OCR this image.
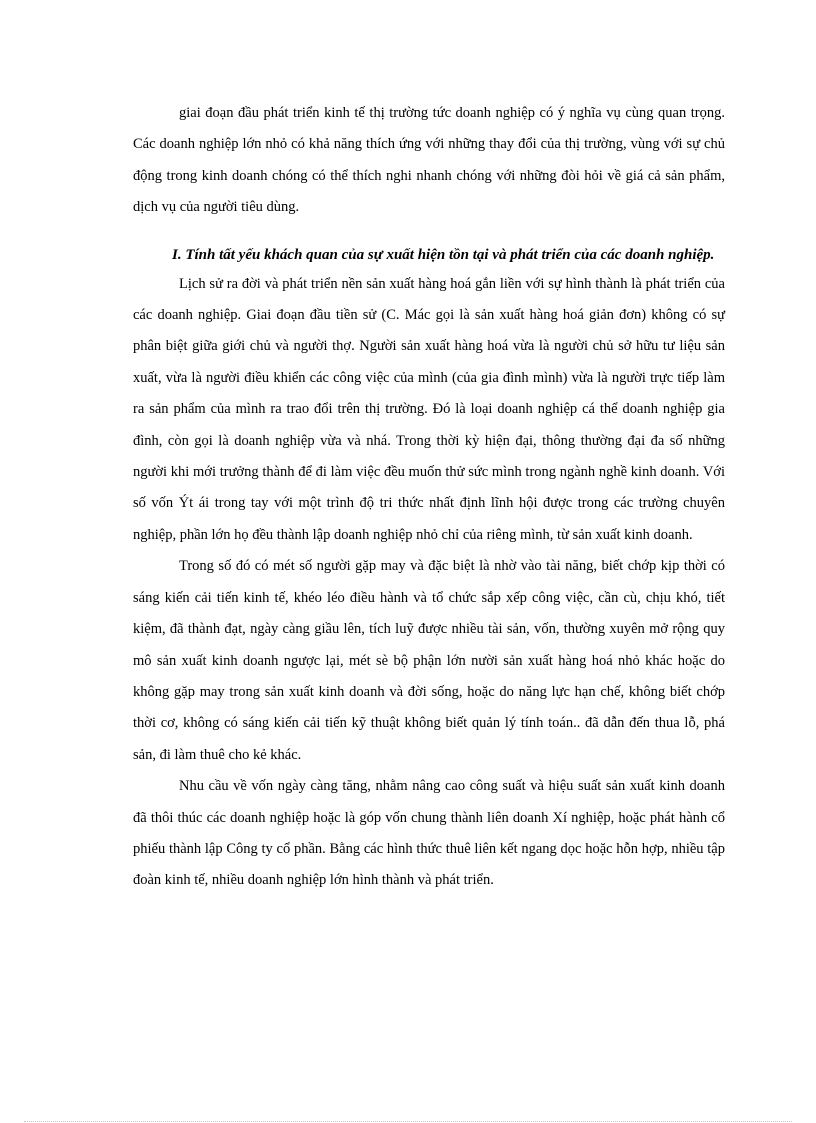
giai đoạn đầu phát triển kinh tế thị trường tức doanh nghiệp có ý nghĩa vụ cùng quan trọng. Các doanh nghiệp lớn nhỏ có khả năng thích ứng với những thay đổi của thị trường, vùng với sự chủ động trong kinh doanh chóng có thể thích nghi nhanh chóng với những đòi hỏi về giá cả sản phẩm, dịch vụ của người tiêu dùng.

I. Tính tất yếu khách quan của sự xuất hiện tồn tại và phát triển của các doanh nghiệp.

Lịch sử ra đời và phát triển nền sản xuất hàng hoá gắn liền với sự hình thành là phát triển của các doanh nghiệp. Giai đoạn đầu tiền sử (C. Mác gọi là sản xuất hàng hoá giản đơn) không có sự phân biệt giữa giới chủ và người thợ. Người sản xuất hàng hoá vừa là người chủ sở hữu tư liệu sản xuất, vừa là người điều khiển các công việc của mình (của gia đình mình) vừa là người trực tiếp làm ra sản phẩm của mình ra trao đổi trên thị trường. Đó là loại doanh nghiệp cá thể doanh nghiệp gia đình, còn gọi là doanh nghiệp vừa và nhá. Trong thời kỳ hiện đại, thông thường đại đa số những người khi mới trưởng thành để đi làm việc đều muốn thử sức mình trong ngành nghề kinh doanh. Với số vốn Ýt ái trong tay với một trình độ tri thức nhất định lĩnh hội được trong các trường chuyên nghiệp, phần lớn họ đều thành lập doanh nghiệp nhỏ chỉ của riêng mình, từ sản xuất kinh doanh.

Trong số đó có mét số người gặp may và đặc biệt là nhờ vào tài năng, biết chớp kịp thời có sáng kiến cải tiến kinh tế, khéo léo điều hành và tổ chức sắp xếp công việc, cần cù, chịu khó, tiết kiệm, đã thành đạt, ngày càng giầu lên, tích luỹ được nhiều tài sản, vốn, thường xuyên mở rộng quy mô sản xuất kinh doanh ngược lại, mét sè bộ phận lớn nười sản xuất hàng hoá nhỏ khác hoặc do không gặp may trong sản xuất kinh doanh và đời sống, hoặc do năng lực hạn chế, không biết chớp thời cơ, không có sáng kiến cải tiến kỹ thuật không biết quản lý tính toán.. đã dẫn đến thua lỗ, phá sản, đi làm thuê cho kẻ khác.

Nhu cầu về vốn ngày càng tăng, nhằm nâng cao công suất và hiệu suất sản xuất kinh doanh đã thôi thúc các doanh nghiệp hoặc là góp vốn chung thành liên doanh Xí nghiệp, hoặc phát hành cổ phiếu thành lập Công ty cổ phần. Bằng các hình thức thuê liên kết ngang dọc hoặc hỗn hợp, nhiều tập đoàn kinh tế, nhiều doanh nghiệp lớn hình thành và phát triển.
